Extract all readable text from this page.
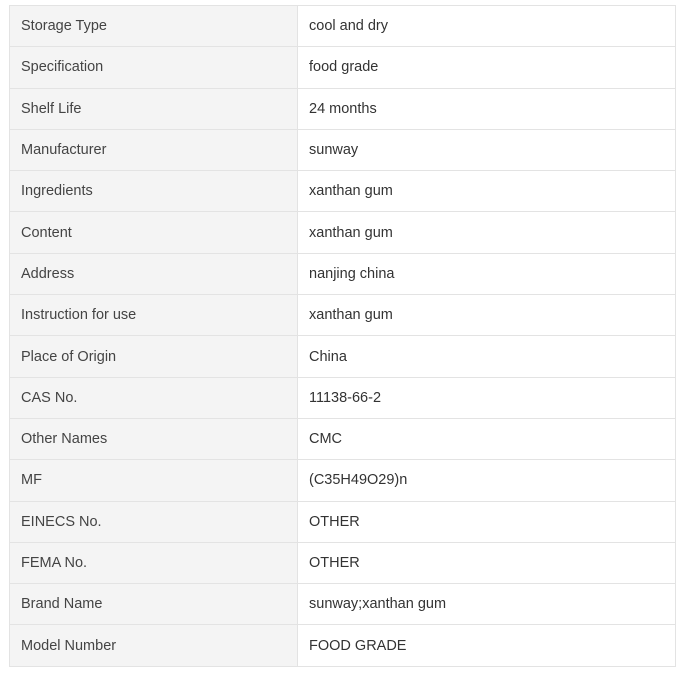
Storage Type	cool and dry
Specification	food grade
Shelf Life	24 months
Manufacturer	sunway
Ingredients	xanthan gum
Content	xanthan gum
Address	nanjing china
Instruction for use	xanthan gum
Place of Origin	China
CAS No.	11138-66-2
Other Names	CMC
MF	(C35H49O29)n
EINECS No.	OTHER
FEMA No.	OTHER
Brand Name	sunway;xanthan gum
Model Number	FOOD GRADE
